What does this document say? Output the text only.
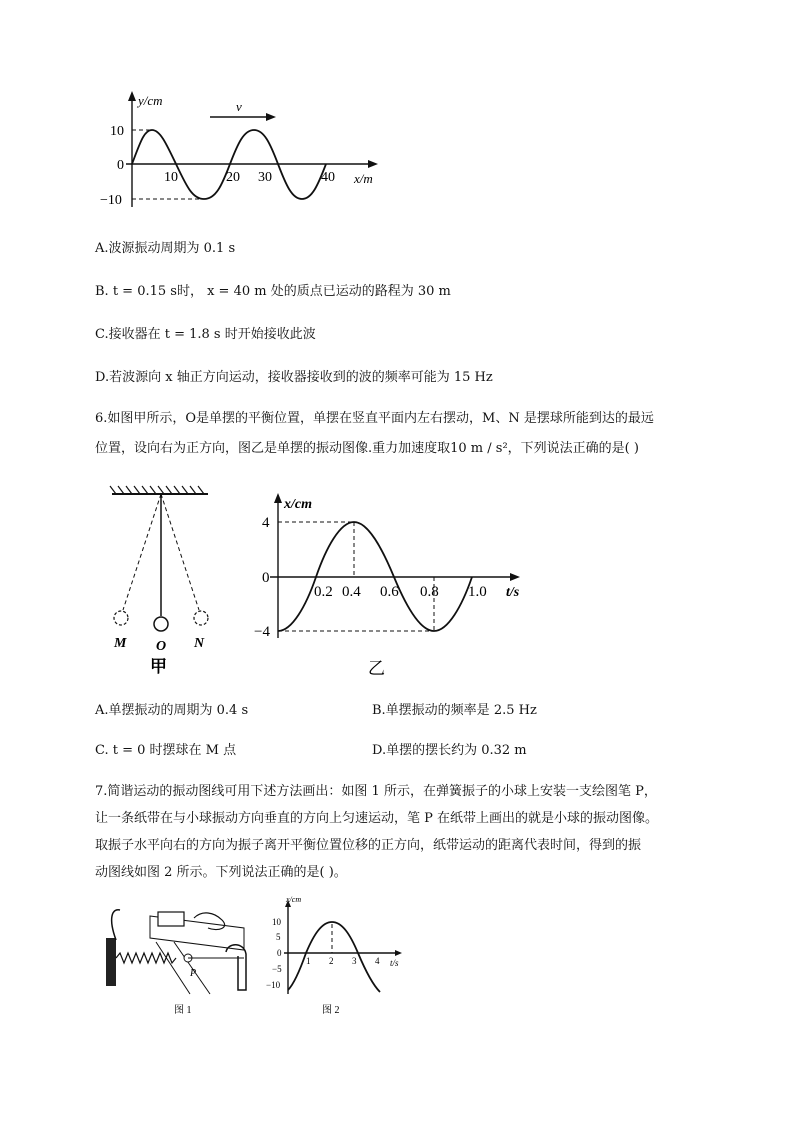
v
y/cm
x/m
10
0
−10
10	20 30	40
A.波源振动周期为 0.1 s
B. t = 0.15 s时， x = 40 m 处的质点已运动的路程为 30 m
C.接收器在 t = 1.8 s 时开始接收此波
D.若波源向 x 轴正方向运动，接收器接收到的波的频率可能为 15 Hz
6.如图甲所示，O是单摆的平衡位置，单摆在竖直平面内左右摆动，M、N 是摆球所能到达的最远
位置，设向右为正方向，图乙是单摆的振动图像.重力加速度取10 m / s²，下列说法正确的是( )
M O N
甲
x/cm
t/s
4
0
−4
0.2 0.4 0.6 0.8 1.0
乙
A.单摆振动的周期为 0.4 s	B.单摆振动的频率是 2.5 Hz
C. t = 0 时摆球在 M 点	D.单摆的摆长约为 0.32 m
7.简谐运动的振动图线可用下述方法画出：如图 1 所示，在弹簧振子的小球上安装一支绘图笔 P，
让一条纸带在与小球振动方向垂直的方向上匀速运动，笔 P 在纸带上画出的就是小球的振动图像。
取振子水平向右的方向为振子离开平衡位置位移的正方向，纸带运动的距离代表时间，得到的振
动图线如图 2 所示。下列说法正确的是( )。
P
图 1
x/cm
t/s
10
5
0
−5
−10
1 2 3 4
图 2
